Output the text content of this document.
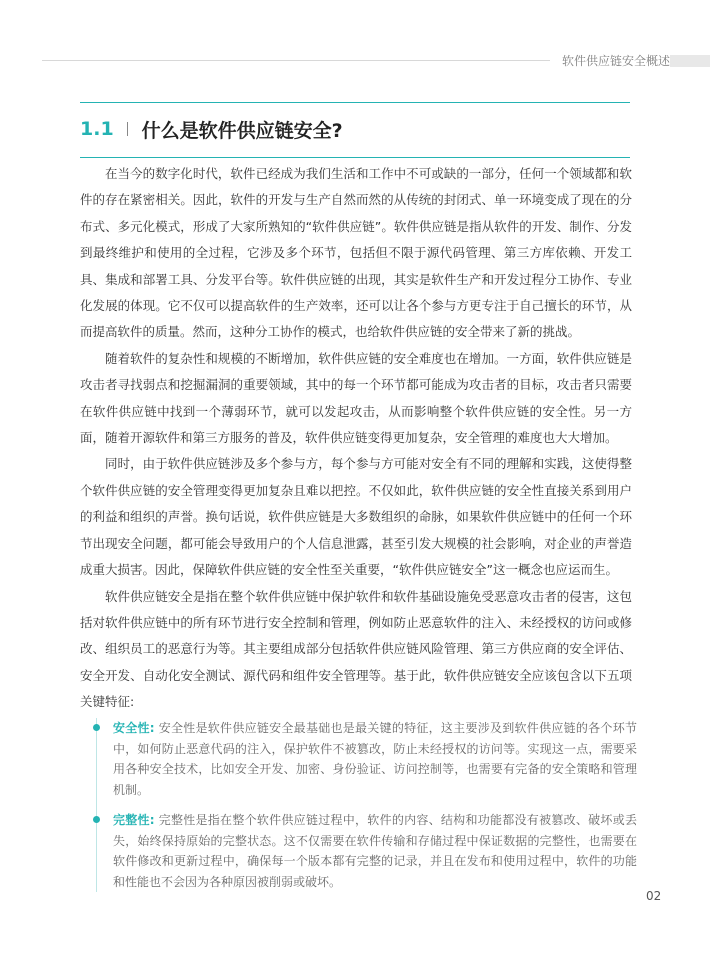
软件供应链安全概述
1.1 什么是软件供应链安全?

在当今的数字化时代，软件已经成为我们生活和工作中不可或缺的一部分，任何一个领域都和软件的存在紧密相关。因此，软件的开发与生产自然而然的从传统的封闭式、单一环境变成了现在的分布式、多元化模式，形成了大家所熟知的“软件供应链”。软件供应链是指从软件的开发、制作、分发到最终维护和使用的全过程，它涉及多个环节，包括但不限于源代码管理、第三方库依赖、开发工具、集成和部署工具、分发平台等。软件供应链的出现，其实是软件生产和开发过程分工协作、专业化发展的体现。它不仅可以提高软件的生产效率，还可以让各个参与方更专注于自己擅长的环节，从而提高软件的质量。然而，这种分工协作的模式，也给软件供应链的安全带来了新的挑战。

随着软件的复杂性和规模的不断增加，软件供应链的安全难度也在增加。一方面，软件供应链是攻击者寻找弱点和挖掘漏洞的重要领域，其中的每一个环节都可能成为攻击者的目标，攻击者只需要在软件供应链中找到一个薄弱环节，就可以发起攻击，从而影响整个软件供应链的安全性。另一方面，随着开源软件和第三方服务的普及，软件供应链变得更加复杂，安全管理的难度也大大增加。

同时，由于软件供应链涉及多个参与方，每个参与方可能对安全有不同的理解和实践，这使得整个软件供应链的安全管理变得更加复杂且难以把控。不仅如此，软件供应链的安全性直接关系到用户的利益和组织的声誉。换句话说，软件供应链是大多数组织的命脉，如果软件供应链中的任何一个环节出现安全问题，都可能会导致用户的个人信息泄露，甚至引发大规模的社会影响，对企业的声誉造成重大损害。因此，保障软件供应链的安全性至关重要，“软件供应链安全”这一概念也应运而生。

软件供应链安全是指在整个软件供应链中保护软件和软件基础设施免受恶意攻击者的侵害，这包括对软件供应链中的所有环节进行安全控制和管理，例如防止恶意软件的注入、未经授权的访问或修改、组织员工的恶意行为等。其主要组成部分包括软件供应链风险管理、第三方供应商的安全评估、安全开发、自动化安全测试、源代码和组件安全管理等。基于此，软件供应链安全应该包含以下五项关键特征:

安全性: 安全性是软件供应链安全最基础也是最关键的特征，这主要涉及到软件供应链的各个环节中，如何防止恶意代码的注入，保护软件不被篡改，防止未经授权的访问等。实现这一点，需要采用各种安全技术，比如安全开发、加密、身份验证、访问控制等，也需要有完备的安全策略和管理机制。
完整性: 完整性是指在整个软件供应链过程中，软件的内容、结构和功能都没有被篡改、破坏或丢失，始终保持原始的完整状态。这不仅需要在软件传输和存储过程中保证数据的完整性，也需要在软件修改和更新过程中，确保每一个版本都有完整的记录，并且在发布和使用过程中，软件的功能和性能也不会因为各种原因被削弱或破坏。
02
